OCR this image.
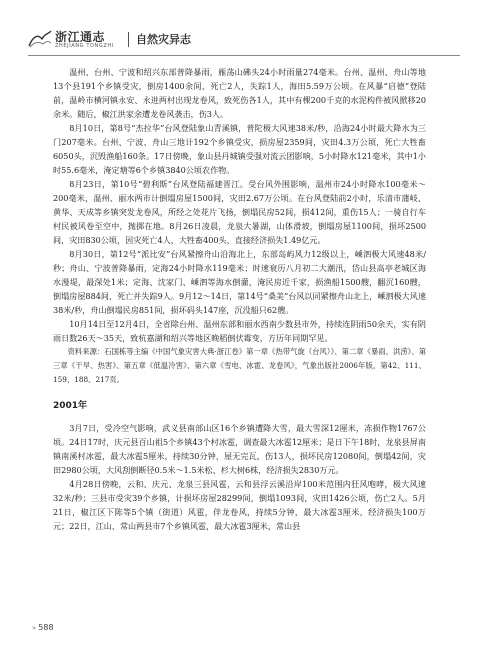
浙江通志
ZHEJIANG TONGZHI 自然灾异志

温州、台州、宁波和绍兴东部普降暴雨，雁荡山砩头24小时雨量274毫米。台州、温州、舟山等地13个县191个乡镇受灾，倒房1400余间，死亡2人，失踪1人，海田5.59万公顷。在风暴“启德”登陆前，温岭市横河镇永安、永进两村出现龙卷风，致死伤各1人，其中有棵200千克的水泥构件被风掀移20余米。随后，椒江洪家余遭龙卷风袭击，伤3人。

8月10日，第8号“杰拉华”台风登陆象山青溪镇，普陀极大风速38米/秒，沿海24小时最大降水为三门207毫米。台州、宁波、舟山三地计192个乡镇受灾，损房屋2359间，灾田4.3万公顷，死亡大牲畜6050头，沉毁渔船160条。17日傍晚，象山县丹城镇受强对流云团影响，5小时降水121毫米，其中1小时55.6毫米，淹定塘等6个乡镇3840公顷农作物。

8月23日，第10号“碧利斯”台风登陆福建晋江。受台风外围影响，温州市24小时降水100毫米～200毫米，温州、丽水两市计倒塌房屋1500间，灾田2.67万公顷。在台风登陆前2小时，乐清市蒲岐、黄华、天成等乡镇突发龙卷风，所经之处花片飞扬，倒塌民房52间，损412间，重伤15人；一骑自行车村民被风卷至空中，抛掷在地。8月26日凌晨，龙泉大暑湖，山体滑坡，倒塌房屋1100间，损坏2500间，灾田830公顷，因灾死亡4人，大牲畜400头，直接经济损失1.49亿元。

8月30日，第12号“派比安”台风紧擦舟山沿海北上，东部岛屿风力12级以上，嵊泗极大风速48米/秒；舟山、宁波普降暴雨，定海24小时降水119毫米；时速衰历八月初二大潮汛，岱山县高亭老城区海水漫堤，最深处1米；定海、沈家门、嵊泗等海水倒灌，淹民房近千家，损渔船1500艘，翻沉160艘，倒塌房屋884间，死亡并失踪9人。9月12～14日，第14号“桑美”台风以同紧擦舟山北上，嵊泗极大风速38米/秒，舟山倒塌民房851间，损坏码头147座，沉没船只62艘。

10月14日至12月4日，全省除台州、温州东部和丽水西南少数县市外，持续连阴雨50余天，实有阴雨日数26天～35天，致杭嘉湖和绍兴等地区晚稻倒伏霉变，方历年同期罕见。

资料来源：石国栋等主编《中国气象灾害大典·浙江卷》第一章《热带气旋（台风）》、第二章《暴雨、洪涝》、第三章《干旱、热害》、第五章《低温冷害》、第六章《雪电、冰雹、龙卷风》，气象出版社2006年版，第42、111、159、188、217页。

2001年

3月7日，受冷空气影响，武义县南部山区16个乡镇遭降大雪，最大雪深12厘米，冻损作物1767公顷。24日17时，庆元县百山祖5个乡镇43个村冰雹，调查最大冰雹12厘米；是日下午18时，龙泉县屏南镇南溪村冰雹，最大冰雹5厘米，持续30分钟，屋无完瓦，伤13人，损坏民房12080间，倒塌42间，灾田2980公顷，大风刮倒断径0.5米～1.5米松、杉大树6株，经济损失2830万元。

4月28日傍晚，云和、庆元、龙泉三县风雹，云和县浮云溪沿岸100米范围内狂风咆哮，极大风速32米/秒；三县市受灾39个乡镇，计损坏房屋28299间，倒塌1093间，灾田1426公顷，伤亡2人。5月21日，椒江区下陈等5个镇（街道）风雹，伴龙卷风，持续5分钟，最大冰雹3厘米，经济损失100万元；22日，江山、常山两县市7个乡镇风雹，最大冰雹3厘米，常山县

» 588
